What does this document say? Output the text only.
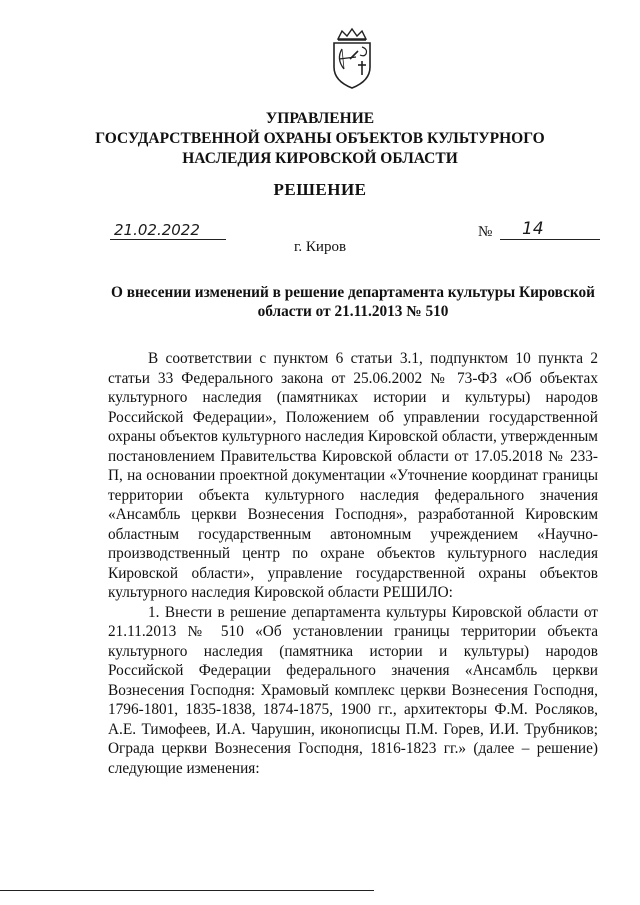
УПРАВЛЕНИЕ
ГОСУДАРСТВЕННОЙ ОХРАНЫ ОБЪЕКТОВ КУЛЬТУРНОГО
НАСЛЕДИЯ КИРОВСКОЙ ОБЛАСТИ
РЕШЕНИЕ
21.02.2022	№	14
г. Киров
О внесении изменений в решение департамента культуры Кировской области от 21.11.2013 № 510

В соответствии с пунктом 6 статьи 3.1, подпунктом 10 пункта 2 статьи 33 Федерального закона от 25.06.2002 № 73-ФЗ «Об объектах культурного наследия (памятниках истории и культуры) народов Российской Федерации», Положением об управлении государственной охраны объектов культурного наследия Кировской области, утвержденным постановлением Правительства Кировской области от 17.05.2018 № 233-П, на основании проектной документации «Уточнение координат границы территории объекта культурного наследия федерального значения «Ансамбль церкви Вознесения Господня», разработанной Кировским областным государственным автономным учреждением «Научно-производственный центр по охране объектов культурного наследия Кировской области», управление государственной охраны объектов культурного наследия Кировской области РЕШИЛО:

1. Внести в решение департамента культуры Кировской области от 21.11.2013 № 510 «Об установлении границы территории объекта культурного наследия (памятника истории и культуры) народов Российской Федерации федерального значения «Ансамбль церкви Вознесения Господня: Храмовый комплекс церкви Вознесения Господня, 1796-1801, 1835-1838, 1874-1875, 1900 гг., архитекторы Ф.М. Росляков, А.Е. Тимофеев, И.А. Чарушин, иконописцы П.М. Горев, И.И. Трубников; Ограда церкви Вознесения Господня, 1816-1823 гг.» (далее – решение) следующие изменения:
